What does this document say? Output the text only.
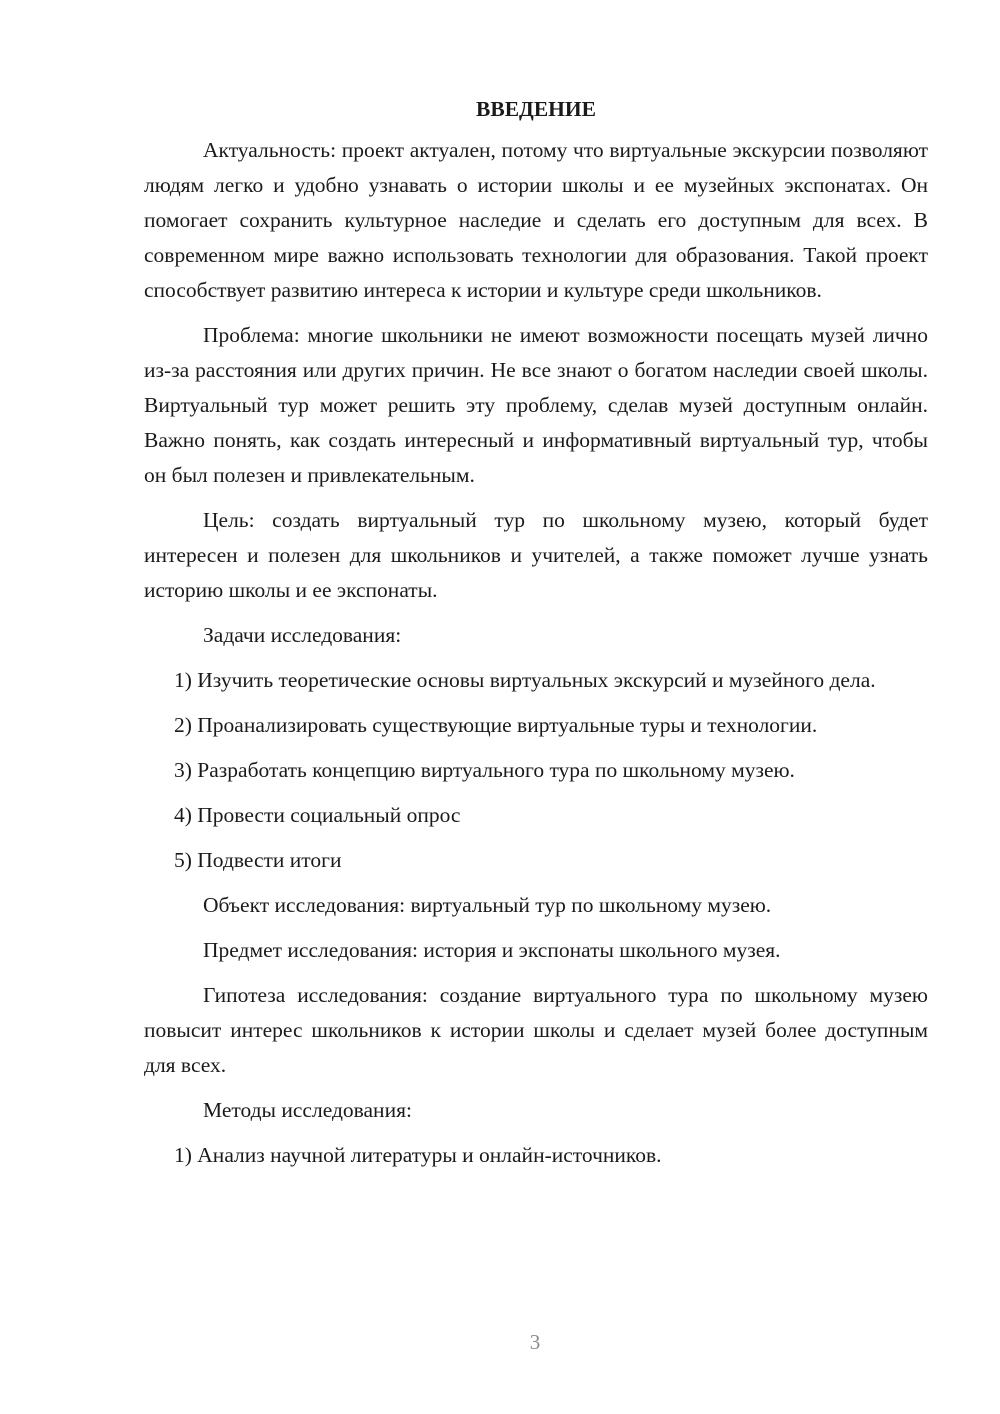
ВВЕДЕНИЕ

Актуальность: проект актуален, потому что виртуальные экскурсии позволяют людям легко и удобно узнавать о истории школы и ее музейных экспонатах. Он помогает сохранить культурное наследие и сделать его доступным для всех. В современном мире важно использовать технологии для образования. Такой проект способствует развитию интереса к истории и культуре среди школьников.

Проблема: многие школьники не имеют возможности посещать музей лично из-за расстояния или других причин. Не все знают о богатом наследии своей школы. Виртуальный тур может решить эту проблему, сделав музей доступным онлайн. Важно понять, как создать интересный и информативный виртуальный тур, чтобы он был полезен и привлекательным.

Цель: создать виртуальный тур по школьному музею, который будет интересен и полезен для школьников и учителей, а также поможет лучше узнать историю школы и ее экспонаты.

Задачи исследования:

1) Изучить теоретические основы виртуальных экскурсий и музейного дела.

2) Проанализировать существующие виртуальные туры и технологии.

3) Разработать концепцию виртуального тура по школьному музею.

4) Провести социальный опрос

5) Подвести итоги

Объект исследования: виртуальный тур по школьному музею.

Предмет исследования: история и экспонаты школьного музея.

Гипотеза исследования: создание виртуального тура по школьному музею повысит интерес школьников к истории школы и сделает музей более доступным для всех.

Методы исследования:

1) Анализ научной литературы и онлайн-источников.

3
